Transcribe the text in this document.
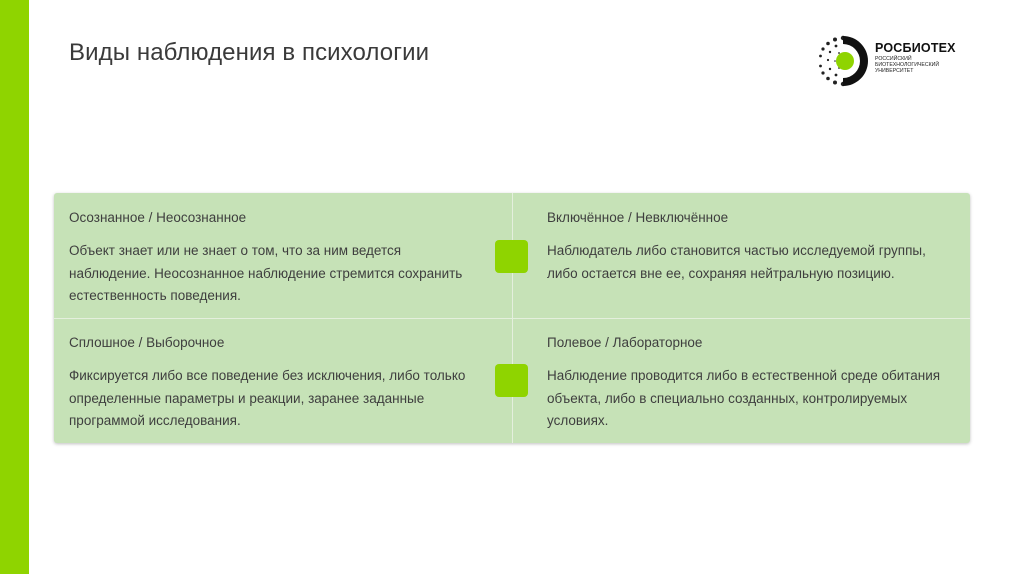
Виды наблюдения в психологии	РОСБИОТЕХ
РОССИЙСКИЙ
БИОТЕХНОЛОГИЧЕСКИЙ
УНИВЕРСИТЕТ

Осознанное / Неосознанное

Объект знает или не знает о том, что за ним ведется наблюдение. Неосознанное наблюдение стремится сохранить естественность поведения.

Включённое / Невключённое

Наблюдатель либо становится частью исследуемой группы, либо остается вне ее, сохраняя нейтральную позицию.

Сплошное / Выборочное

Фиксируется либо все поведение без исключения, либо только определенные параметры и реакции, заранее заданные программой исследования.

Полевое / Лабораторное

Наблюдение проводится либо в естественной среде обитания объекта, либо в специально созданных, контролируемых условиях.
